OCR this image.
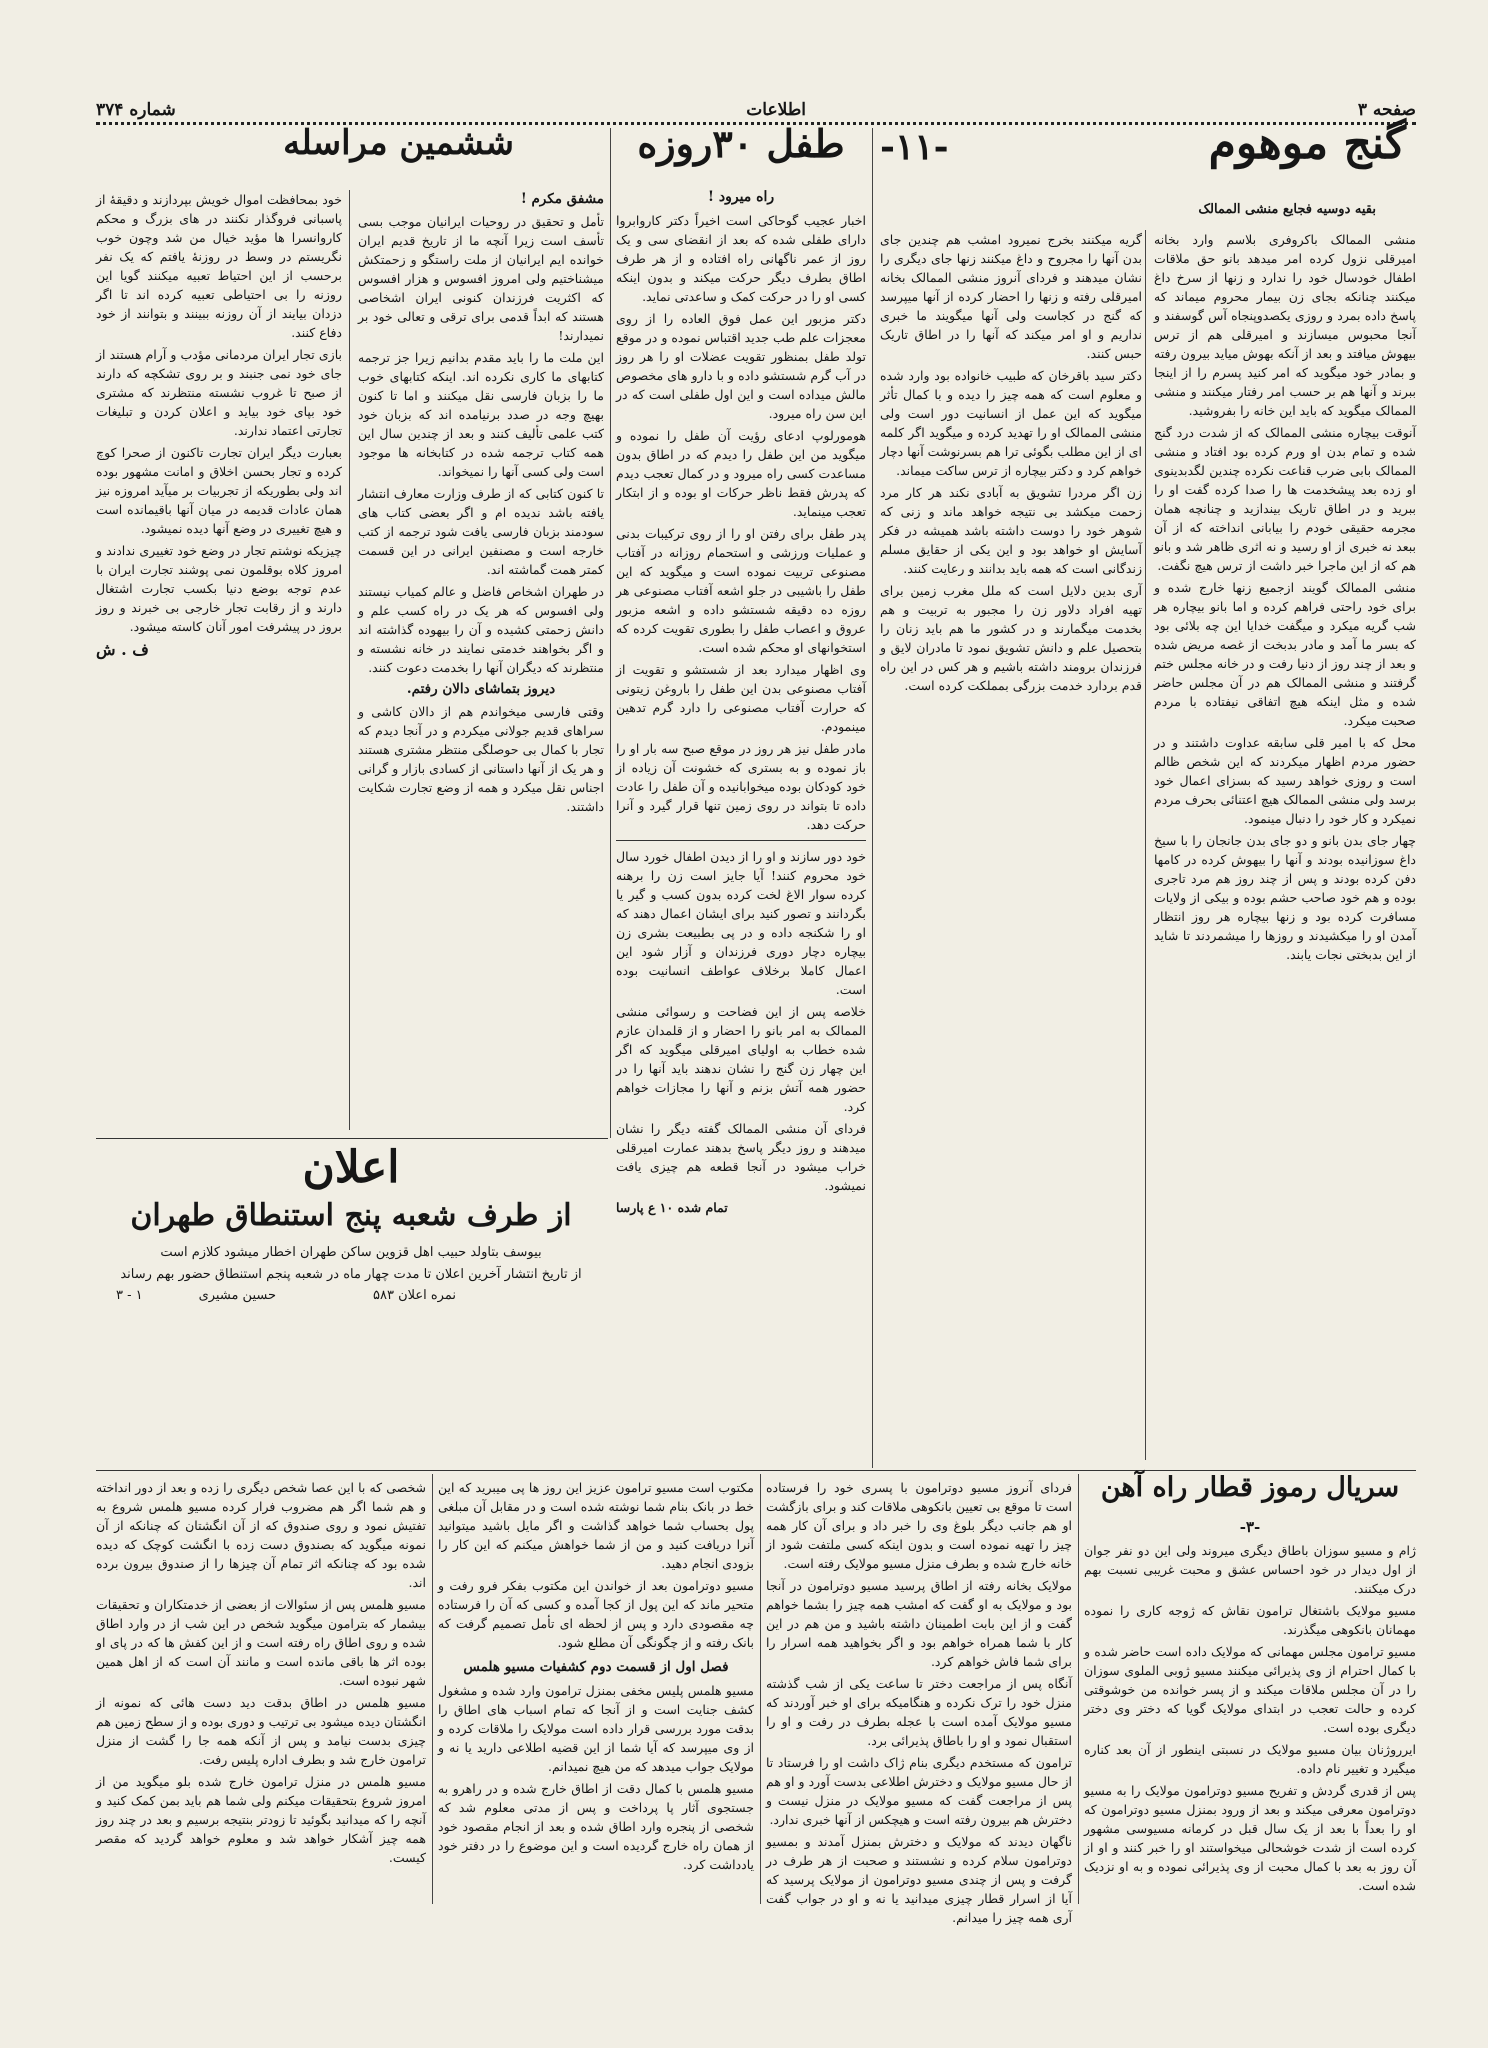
صفحه ۳
اطلاعات
شماره ۳۷۴
گنج موهوم
-۱۱-
بقیه دوسیه فجایع منشی الممالک

منشی الممالک باکروفری بلاسم وارد بخانه امیرقلی نزول کرده امر میدهد بانو حق ملاقات اطفال خودسال خود را ندارد و زنها از سرخ داغ میکنند چنانکه بجای زن بیمار محروم میماند که پاسخ داده بمرد و روزی یکصدوپنجاه آس گوسفند و آنجا محبوس میسازند و امیرقلی هم از ترس بیهوش میافتد و بعد از آنکه بهوش میاید بیرون رفته و بمادر خود میگوید که امر کنید پسرم را از اینجا ببرند و آنها هم بر حسب امر رفتار میکنند و منشی الممالک میگوید که باید این خانه را بفروشید.

آنوقت بیچاره منشی الممالک که از شدت درد گنج شده و تمام بدن او ورم کرده بود افتاد و منشی الممالک بابی ضرب قناعت نکرده چندین لگدبدینوی او زده بعد پیشخدمت ها را صدا کرده گفت او را ببرید و در اطاق تاریک بیندازید و چنانچه همان مجرمه حقیقی خودم را بیابانی انداخته که از آن ببعد نه خبری از او رسید و نه اثری ظاهر شد و بانو هم که از این ماجرا خبر داشت از ترس هیچ نگفت.

منشی الممالک گویند ازجمیع زنها خارج شده و برای خود راحتی فراهم کرده و اما بانو بیچاره هر شب گریه میکرد و میگفت خدایا این چه بلائی بود که بسر ما آمد و مادر بدبخت از غصه مریض شده و بعد از چند روز از دنیا رفت و در خانه مجلس ختم گرفتند و منشی الممالک هم در آن مجلس حاضر شده و مثل اینکه هیچ اتفاقی نیفتاده با مردم صحبت میکرد.

محل که با امیر قلی سابقه عداوت داشتند و در حضور مردم اظهار میکردند که این شخص ظالم است و روزی خواهد رسید که بسزای اعمال خود برسد ولی منشی الممالک هیچ اعتنائی بحرف مردم نمیکرد و کار خود را دنبال مینمود.

چهار جای بدن بانو و دو جای بدن جانجان را با سیخ داغ سوزانیده بودند و آنها را بیهوش کرده در کامها دفن کرده بودند و پس از چند روز هم مرد تاجری بوده و هم خود صاحب حشم بوده و بیکی از ولایات مسافرت کرده بود و زنها بیچاره هر روز انتظار آمدن او را میکشیدند و روزها را میشمردند تا شاید از این بدبختی نجات یابند.

گریه میکنند بخرج نمیرود امشب هم چندین جای بدن آنها را مجروح و داغ میکنند زنها جای دیگری را نشان میدهند و فردای آنروز منشی الممالک بخانه امیرقلی رفته و زنها را احضار کرده از آنها میپرسد که گنج در کجاست ولی آنها میگویند ما خبری نداریم و او امر میکند که آنها را در اطاق تاریک حبس کنند.

دکتر سید باقرخان که طبیب خانواده بود وارد شده و معلوم است که همه چیز را دیده و با کمال تأثر میگوید که این عمل از انسانیت دور است ولی منشی الممالک او را تهدید کرده و میگوید اگر کلمه ای از این مطلب بگوئی ترا هم بسرنوشت آنها دچار خواهم کرد و دکتر بیچاره از ترس ساکت میماند.

زن اگر مردرا تشویق به آبادی نکند هر کار مرد زحمت میکشد بی نتیجه خواهد ماند و زنی که شوهر خود را دوست داشته باشد همیشه در فکر آسایش او خواهد بود و این یکی از حقایق مسلم زندگانی است که همه باید بدانند و رعایت کنند.

آری بدین دلایل است که ملل مغرب زمین برای تهیه افراد دلاور زن را مجبور به تربیت و هم بخدمت میگمارند و در کشور ما هم باید زنان را بتحصیل علم و دانش تشویق نمود تا مادران لایق و فرزندان برومند داشته باشیم و هر کس در این راه قدم بردارد خدمت بزرگی بمملکت کرده است.

طفل ۳۰روزه
راه میرود !

اخبار عجیب گوحاکی است اخیراً دکتر کاروابروا دارای طفلی شده که بعد از انقضای سی و یک روز از عمر ناگهانی راه افتاده و از هر طرف اطاق بطرف دیگر حرکت میکند و بدون اینکه کسی او را در حرکت کمک و ساعدتی نماید.

دکتر مزبور این عمل فوق العاده را از روی معجزات علم طب جدید اقتباس نموده و در موقع تولد طفل بمنظور تقویت عضلات او را هر روز در آب گرم شستشو داده و با دارو های مخصوص مالش میداده است و این اول طفلی است که در این سن راه میرود.

هومورلوپ ادعای رؤیت آن طفل را نموده و میگوید من این طفل را دیدم که در اطاق بدون مساعدت کسی راه میرود و در کمال تعجب دیدم که پدرش فقط ناظر حرکات او بوده و از ابتکار تعجب مینماید.

پدر طفل برای رفتن او را از روی ترکیبات بدنی و عملیات ورزشی و استحمام روزانه در آفتاب مصنوعی تربیت نموده است و میگوید که این طفل را باشیبی در جلو اشعه آفتاب مصنوعی هر روزه ده دقیقه شستشو داده و اشعه مزبور عروق و اعصاب طفل را بطوری تقویت کرده که استخوانهای او محکم شده است.

وی اظهار میدارد بعد از شستشو و تقویت از آفتاب مصنوعی بدن این طفل را باروغن زیتونی که حرارت آفتاب مصنوعی را دارد گرم تدهین مینمودم.

مادر طفل نیز هر روز در موقع صبح سه بار او را باز نموده و به بستری که خشونت آن زیاده از خود کودکان بوده میخوابانیده و آن طفل را عادت داده تا بتواند در روی زمین تنها قرار گیرد و آنرا حرکت دهد.

خود دور سازند و او را از دیدن اطفال خورد سال خود محروم کنند! آیا جایز است زن را برهنه کرده سوار الاغ لخت کرده بدون کسب و گیر یا بگردانند و تصور کنید برای ایشان اعمال دهند که او را شکنجه داده و در پی بطبیعت بشری زن بیچاره دچار دوری فرزندان و آزار شود این اعمال کاملا برخلاف عواطف انسانیت بوده است.

خلاصه پس از این فضاحت و رسوائی منشی الممالک به امر بانو را احضار و از قلمدان عازم شده خطاب به اولیای امیرقلی میگوید که اگر این چهار زن گنج را نشان ندهند باید آنها را در حضور همه آتش بزنم و آنها را مجازات خواهم کرد.

فردای آن منشی الممالک گفته دیگر را نشان میدهند و روز دیگر پاسخ بدهند عمارت امیرقلی خراب میشود در آنجا قطعه هم چیزی یافت نمیشود.

تمام شده ۱۰ ع پارسا

ششمین مراسله
مشفق مکرم !

تأمل و تحقیق در روحیات ایرانیان موجب بسی تأسف است زیرا آنچه ما از تاریخ قدیم ایران خوانده ایم ایرانیان از ملت راستگو و زحمتکش میشناختیم ولی امروز افسوس و هزار افسوس که اکثریت فرزندان کنونی ایران اشخاصی هستند که ابداً قدمی برای ترقی و تعالی خود بر نمیدارند!

این ملت ما را باید مقدم بدانیم زیرا جز ترجمه کتابهای ما کاری نکرده اند. اینکه کتابهای خوب ما را بزبان فارسی نقل میکنند و اما تا کنون بهیچ وجه در صدد برنیامده اند که بزبان خود کتب علمی تألیف کنند و بعد از چندین سال این همه کتاب ترجمه شده در کتابخانه ها موجود است ولی کسی آنها را نمیخواند.

تا کنون کتابی که از طرف وزارت معارف انتشار یافته باشد ندیده ام و اگر بعضی کتاب های سودمند بزبان فارسی یافت شود ترجمه از کتب خارجه است و مصنفین ایرانی در این قسمت کمتر همت گماشته اند.

در طهران اشخاص فاضل و عالم کمیاب نیستند ولی افسوس که هر یک در راه کسب علم و دانش زحمتی کشیده و آن را بیهوده گذاشته اند و اگر بخواهند خدمتی نمایند در خانه نشسته و منتظرند که دیگران آنها را بخدمت دعوت کنند.

دیروز بتماشای دالان رفتم.

وقتی فارسی میخواندم هم از دالان کاشی و سراهای قدیم جولانی میکردم و در آنجا دیدم که تجار با کمال بی حوصلگی منتظر مشتری هستند و هر یک از آنها داستانی از کسادی بازار و گرانی اجناس نقل میکرد و همه از وضع تجارت شکایت داشتند.

خود بمحافظت اموال خویش بپردازند و دقیقهٔ از پاسبانی فروگذار نکنند در های بزرگ و محکم کاروانسرا ها مؤید خیال من شد وچون خوب نگریستم در وسط در روزنهٔ یافتم که یک نفر برحسب از این احتیاط تعبیه میکنند گویا این روزنه را بی احتیاطی تعبیه کرده اند تا اگر دزدان بیایند از آن روزنه ببینند و بتوانند از خود دفاع کنند.

بازی تجار ایران مردمانی مؤدب و آرام هستند از جای خود نمی جنبند و بر روی تشکچه که دارند از صبح تا غروب نشسته منتظرند که مشتری خود بپای خود بیاید و اعلان کردن و تبلیغات تجارتی اعتماد ندارند.

بعبارت دیگر ایران تجارت تاکنون از صحرا کوچ کرده و تجار بحسن اخلاق و امانت مشهور بوده اند ولی بطوریکه از تجربیات بر میآید امروزه نیز همان عادات قدیمه در میان آنها باقیمانده است و هیچ تغییری در وضع آنها دیده نمیشود.

چیزیکه نوشتم تجار در وضع خود تغییری ندادند و امروز کلاه بوقلمون نمی پوشند تجارت ایران با عدم توجه بوضع دنیا بکسب تجارت اشتغال دارند و از رقابت تجار خارجی بی خبرند و روز بروز در پیشرفت امور آنان کاسته میشود.

ف . ش
اعلان
از طرف شعبه پنج استنطاق طهران
بیوسف بتاولد حبیب اهل قزوین ساکن طهران اخطار میشود کلازم است
از تاریخ انتشار آخرین اعلان تا مدت چهار ماه در شعبه پنجم استنطاق حضور بهم رساند
نمره اعلان ۵۸۳
حسین مشیری
۱ - ۳
سریال رموز قطار راه آهن
-۳-

ژام و مسیو سوزان باطاق دیگری میروند ولی این دو نفر جوان از اول دیدار در خود احساس عشق و محبت غریبی نسبت بهم درک میکنند.

مسیو مولایک باشتغال ترامون نقاش که ژوجه کاری را نموده مهمانان بانکوهی میگذرند.

مسیو ترامون مجلس مهمانی که مولایک داده است حاضر شده و با کمال احترام از وی پذیرائی میکنند مسیو ژوبی الملوی سوزان را در آن مجلس ملاقات میکند و از پسر خوانده من خوشوقتی کرده و حالت تعجب در ابتدای مولایک گویا که دختر وی دختر دیگری بوده است.

ایرروژنان بیان مسیو مولایک در نسبتی اینطور از آن بعد کناره میگیرد و تغییر نام داده.

پس از قدری گردش و تفریح مسیو دوترامون مولایک را به مسیو دوترامون معرفی میکند و بعد از ورود بمنزل مسیو دوترامون که او را بعداً با بعد از یک سال قبل در کرمانه مسیوسی مشهور کرده است از شدت خوشحالی میخواستند او را خبر کنند و او از آن روز به بعد با کمال محبت از وی پذیرائی نموده و به او نزدیک شده است.

فرداى آنروز مسيو دوترامون با پسرى خود را فرستاده است تا موقع بی تعیین بانکوهی ملاقات کند و برای بازگشت او هم جانب دیگر بلوغ وی را خبر داد و برای آن کار همه چیز را تهیه نموده است و بدون اینکه کسی ملتفت شود از خانه خارج شده و بطرف منزل مسیو مولایک رفته است.

مولایک بخانه رفته از اطاق پرسید مسیو دوترامون در آنجا بود و مولایک به او گفت که امشب همه چیز را بشما خواهم گفت و از این بابت اطمینان داشته باشید و من هم در این کار با شما همراه خواهم بود و اگر بخواهید همه اسرار را برای شما فاش خواهم کرد.

آنگاه پس از مراجعت دختر تا ساعت یکی از شب گذشته منزل خود را ترک نکرده و هنگامیکه برای او خبر آوردند که مسیو مولایک آمده است با عجله بطرف در رفت و او را استقبال نمود و او را باطاق پذیرائی برد.

ترامون که مستخدم دیگری بنام ژاک داشت او را فرستاد تا از حال مسیو مولایک و دخترش اطلاعی بدست آورد و او هم پس از مراجعت گفت که مسیو مولایک در منزل نیست و دخترش هم بیرون رفته است و هیچکس از آنها خبری ندارد.

ناگهان دیدند که مولایک و دخترش بمنزل آمدند و بمسیو دوترامون سلام کرده و نشستند و صحبت از هر طرف در گرفت و پس از چندی مسیو دوترامون از مولایک پرسید که آیا از اسرار قطار چیزی میدانید یا نه و او در جواب گفت آری همه چیز را میدانم.

مکتوب است مسیو ترامون عزیز این روز ها پی میبرید که این خط در بانک بنام شما نوشته شده است و در مقابل آن مبلغی پول بحساب شما خواهد گذاشت و اگر مایل باشید میتوانید آنرا دریافت کنید و من از شما خواهش میکنم که این کار را بزودی انجام دهید.

مسیو دوترامون بعد از خواندن این مکتوب بفکر فرو رفت و متحیر ماند که این پول از کجا آمده و کسی که آن را فرستاده چه مقصودی دارد و پس از لحظه ای تأمل تصمیم گرفت که بانک رفته و از چگونگی آن مطلع شود.

فصل اول از قسمت دوم کشفیات مسیو هلمس

مسیو هلمس پلیس مخفی بمنزل ترامون وارد شده و مشغول کشف جنایت است و از آنجا که تمام اسباب های اطاق را بدقت مورد بررسی قرار داده است مولایک را ملاقات کرده و از وی میپرسد که آیا شما از این قضیه اطلاعی دارید یا نه و مولایک جواب میدهد که من هیچ نمیدانم.

مسیو هلمس با کمال دقت از اطاق خارج شده و در راهرو به جستجوی آثار پا پرداخت و پس از مدتی معلوم شد که شخصی از پنجره وارد اطاق شده و بعد از انجام مقصود خود از همان راه خارج گردیده است و این موضوع را در دفتر خود یادداشت کرد.

شخصی که با این عصا شخص دیگری را زده و بعد از دور انداخته و هم شما اگر هم مضروب فرار کرده مسیو هلمس شروع به تفتیش نمود و روی صندوق که از آن انگشتان که چنانکه از آن نمونه میگوید که بصندوق دست زده با انگشت کوچک که دیده شده بود که چنانکه اثر تمام آن چیزها را از صندوق بیرون برده اند.

مسیو هلمس پس از سئوالات از بعضی از خدمتکاران و تحقیقات بیشمار که بترامون میگوید شخص در این شب از در وارد اطاق شده و روی اطاق راه رفته است و از این کفش ها که در پای او بوده اثر ها باقی مانده است و مانند آن است که از اهل همین شهر نبوده است.

مسیو هلمس در اطاق بدقت دید دست هائی که نمونه از انگشتان دیده میشود بی ترتیب و دوری بوده و از سطح زمین هم چیزی بدست نیامد و پس از آنکه همه جا را گشت از منزل ترامون خارج شد و بطرف اداره پلیس رفت.

مسیو هلمس در منزل ترامون خارج شده بلو میگوید من از امروز شروع بتحقیقات میکنم ولی شما هم باید بمن کمک کنید و آنچه را که میدانید بگوئید تا زودتر بنتیجه برسیم و بعد در چند روز همه چیز آشکار خواهد شد و معلوم خواهد گردید که مقصر کیست.
